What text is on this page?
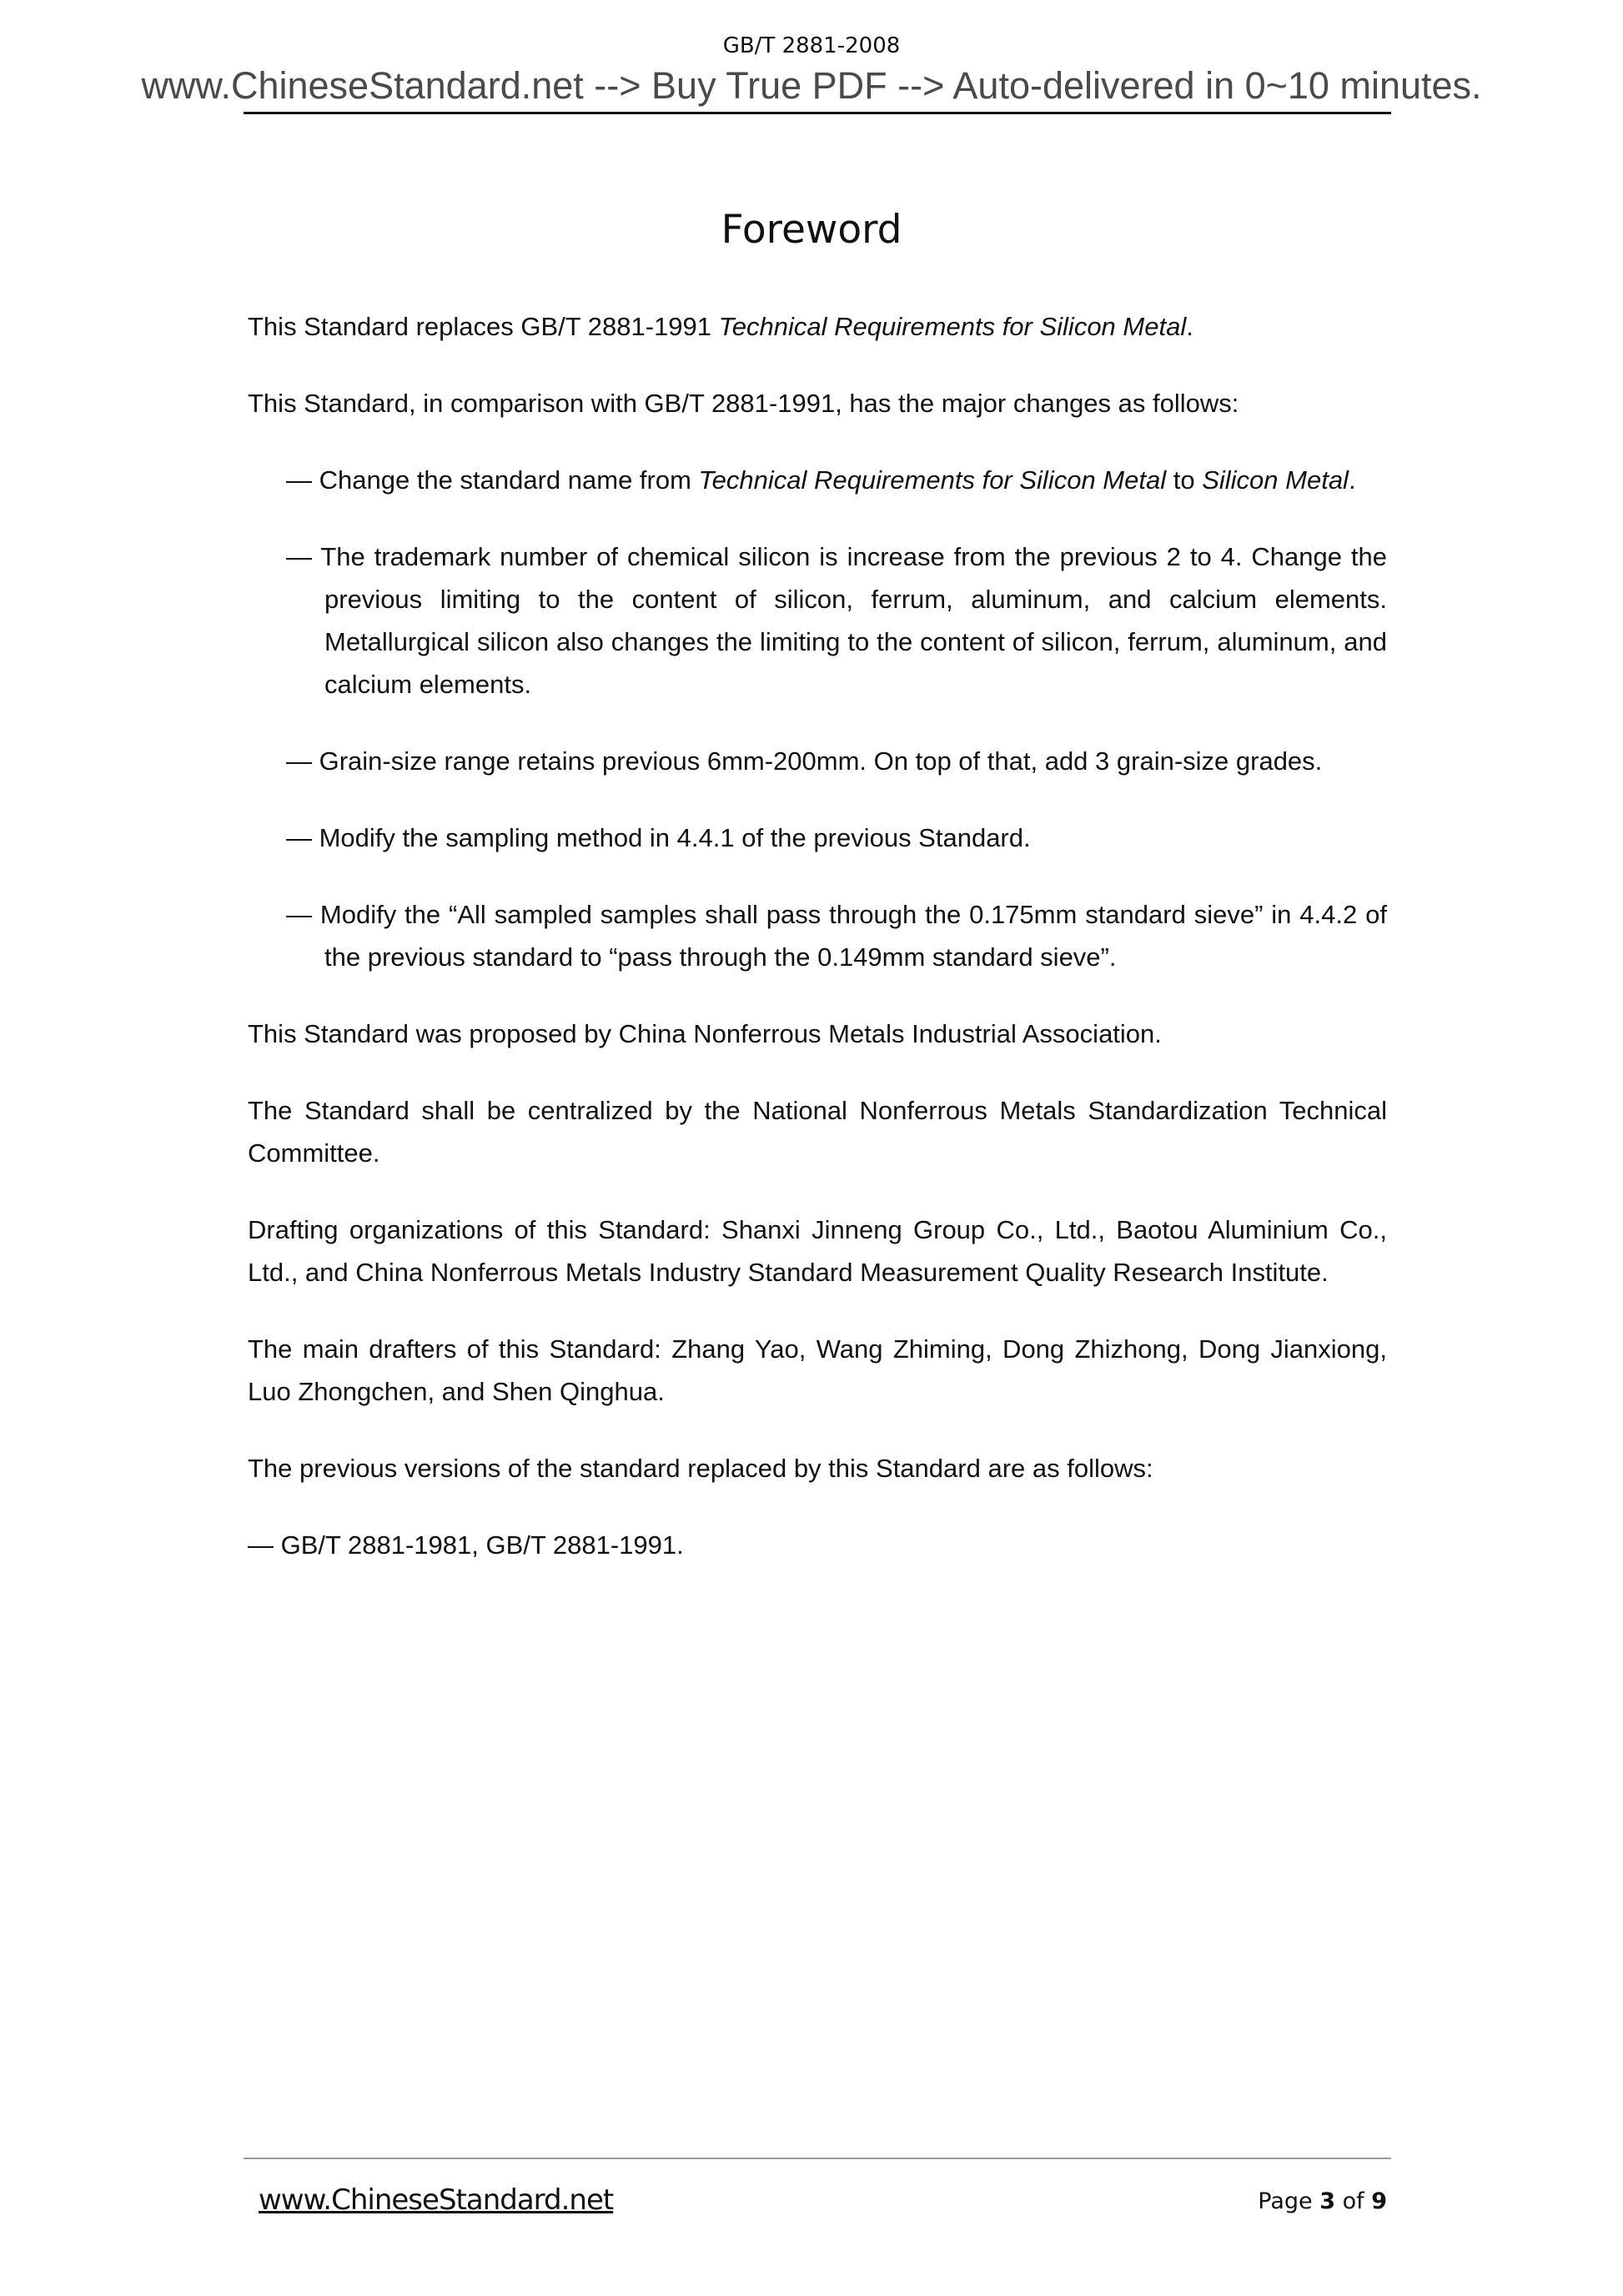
GB/T 2881-2008
www.ChineseStandard.net --> Buy True PDF --> Auto-delivered in 0~10 minutes.
Foreword

This Standard replaces GB/T 2881-1991 Technical Requirements for Silicon Metal.

This Standard, in comparison with GB/T 2881-1991, has the major changes as follows:

— Change the standard name from Technical Requirements for Silicon Metal to Silicon Metal.

— The trademark number of chemical silicon is increase from the previous 2 to 4. Change the previous limiting to the content of silicon, ferrum, aluminum, and calcium elements. Metallurgical silicon also changes the limiting to the content of silicon, ferrum, aluminum, and calcium elements.

— Grain-size range retains previous 6mm-200mm. On top of that, add 3 grain-size grades.

— Modify the sampling method in 4.4.1 of the previous Standard.

— Modify the “All sampled samples shall pass through the 0.175mm standard sieve” in 4.4.2 of the previous standard to “pass through the 0.149mm standard sieve”.

This Standard was proposed by China Nonferrous Metals Industrial Association.

The Standard shall be centralized by the National Nonferrous Metals Standardization Technical Committee.

Drafting organizations of this Standard: Shanxi Jinneng Group Co., Ltd., Baotou Aluminium Co., Ltd., and China Nonferrous Metals Industry Standard Measurement Quality Research Institute.

The main drafters of this Standard: Zhang Yao, Wang Zhiming, Dong Zhizhong, Dong Jianxiong, Luo Zhongchen, and Shen Qinghua.

The previous versions of the standard replaced by this Standard are as follows:

— GB/T 2881-1981, GB/T 2881-1991.

www.ChineseStandard.net	Page 3 of 9
